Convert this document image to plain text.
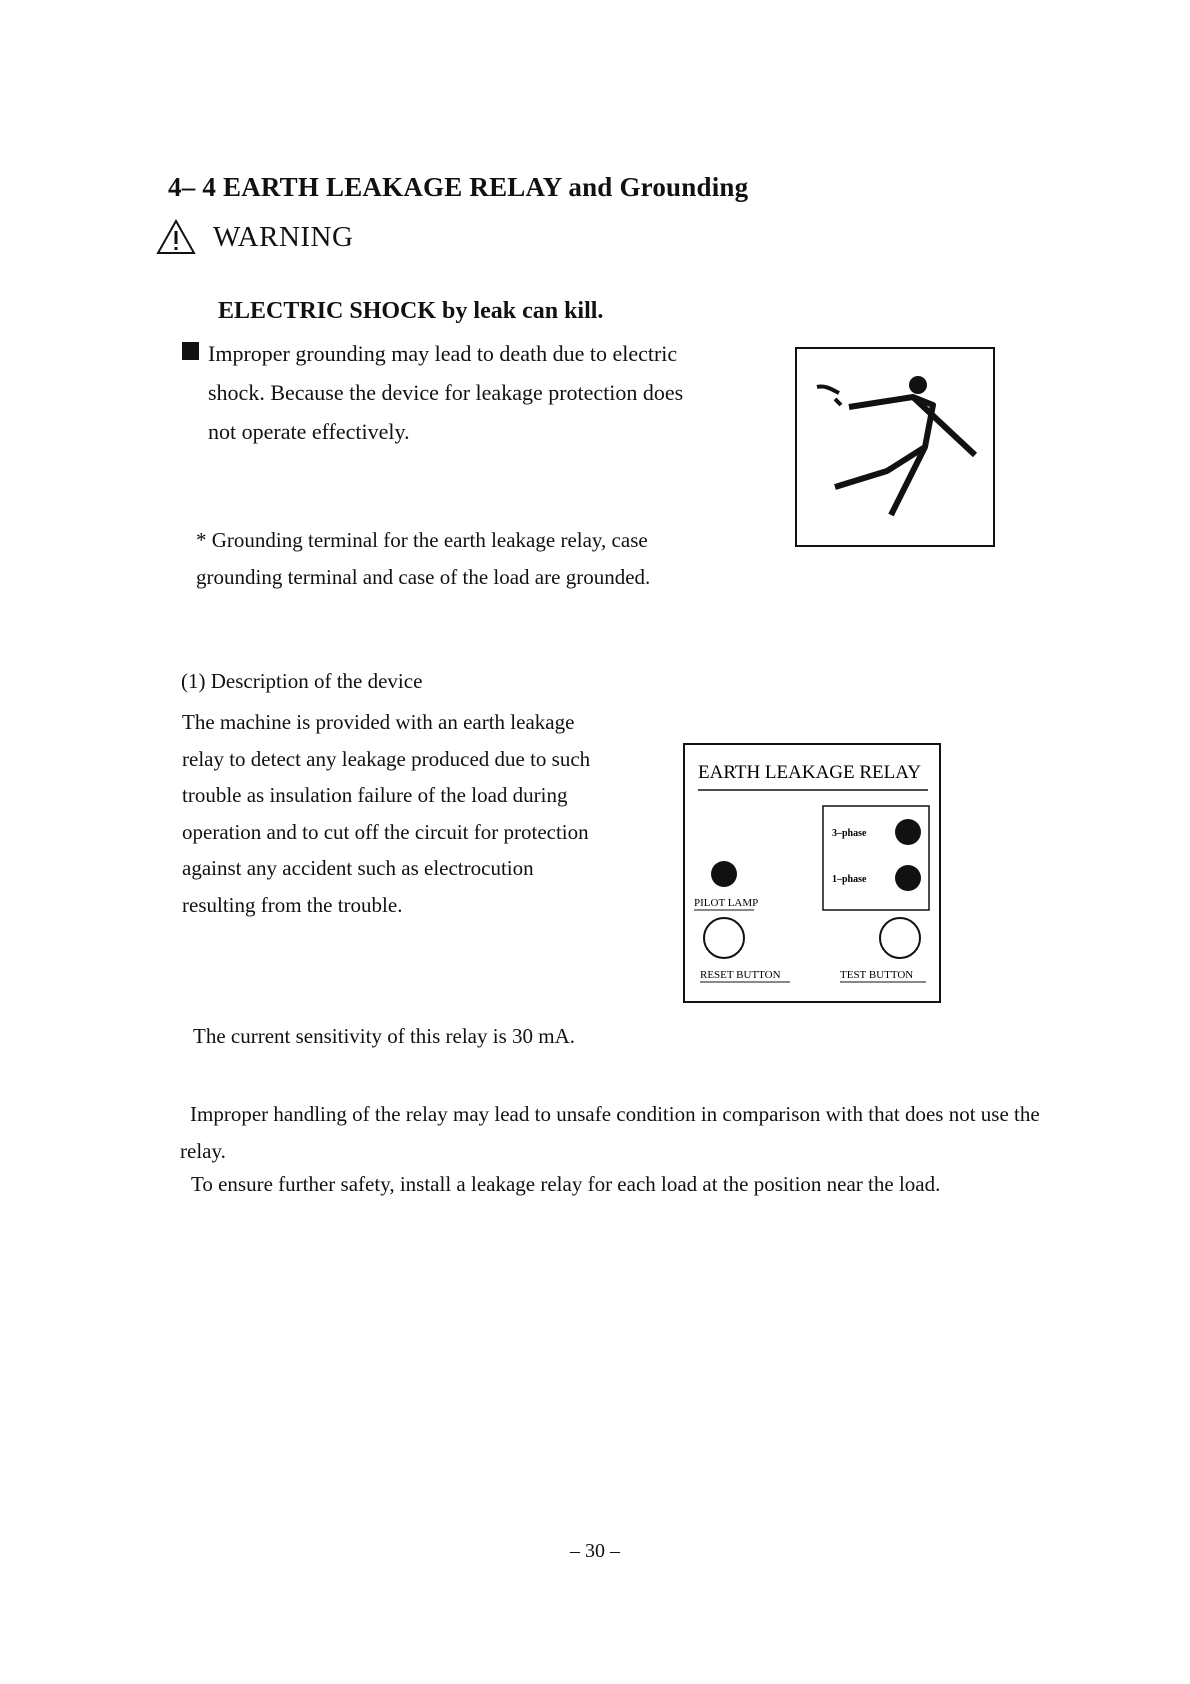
4– 4 EARTH LEAKAGE RELAY and Grounding
WARNING
ELECTRIC SHOCK by leak can kill.
Improper grounding may lead to death due to electric shock. Because the device for leakage protection does not operate effectively.
* Grounding terminal for the earth leakage relay, case grounding terminal and case of the load are grounded.
(1) Description of the device
The machine is provided with an earth leakage relay to detect any leakage produced due to such trouble as insulation failure of the load during operation and to cut off the circuit for protection against any accident such as electrocution resulting from the trouble.
EARTH LEAKAGE RELAY
3–phase
1–phase
PILOT LAMP
RESET BUTTON	TEST BUTTON
The current sensitivity of this relay is 30 mA.
Improper handling of the relay may lead to unsafe condition in comparison with that does not use the relay.
To ensure further safety, install a leakage relay for each load at the position near the load.
– 30 –
